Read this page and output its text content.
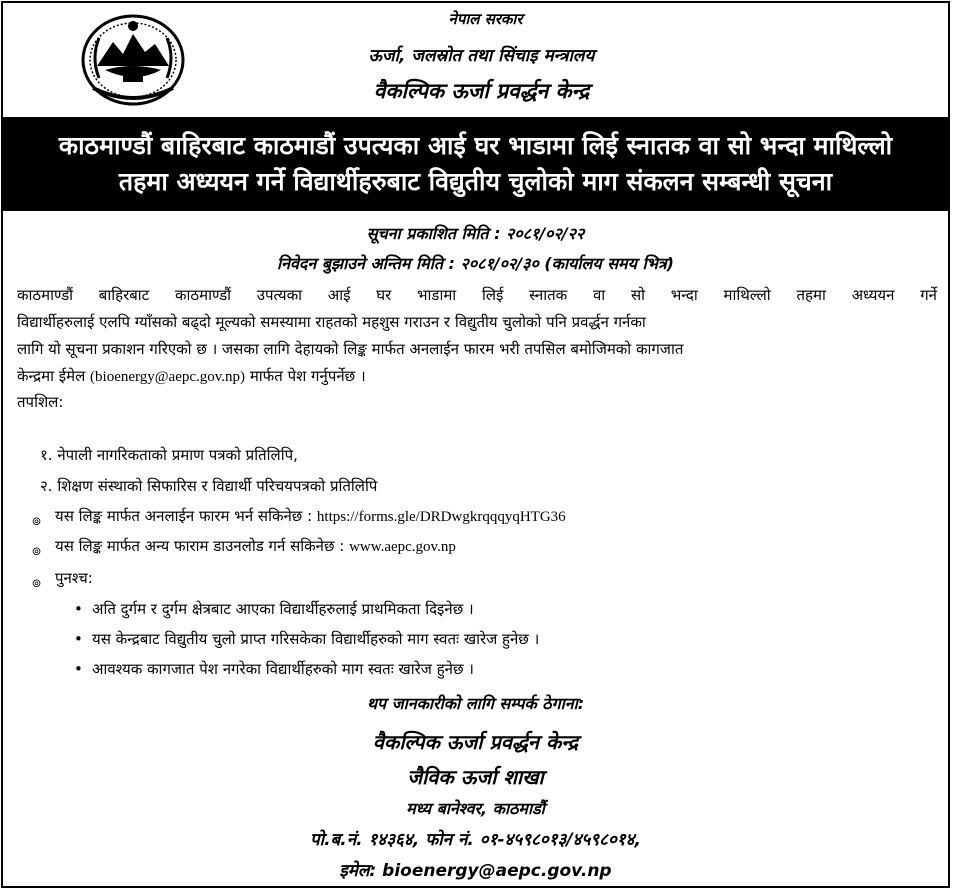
नेपाल सरकार
ऊर्जा, जलस्रोत तथा सिंचाइ मन्त्रालय
वैकल्पिक ऊर्जा प्रवर्द्धन केन्द्र
काठमाण्डौं बाहिरबाट काठमाडौं उपत्यका आई घर भाडामा लिई स्नातक वा सो भन्दा माथिल्लो
तहमा अध्ययन गर्ने विद्यार्थीहरुबाट विद्युतीय चुलोको माग संकलन सम्बन्धी सूचना
सूचना प्रकाशित मिति : २०८१/०२/२२
निवेदन बुझाउने अन्तिम मिति : २०८१/०२/३० (कार्यालय समय भित्र)
काठमाण्डौं बाहिरबाट काठमाण्डौं उपत्यका आई घर भाडामा लिई स्नातक वा सो भन्दा माथिल्लो तहमा अध्ययन गर्ने
विद्यार्थीहरुलाई एलपि ग्याँसको बढ्दो मूल्यको समस्यामा राहतको महशुस गराउन र विद्युतीय चुलोको पनि प्रवर्द्धन गर्नका
लागि यो सूचना प्रकाशन गरिएको छ । जसका लागि देहायको लिङ्क मार्फत अनलाईन फारम भरी तपसिल बमोजिमको कागजात
केन्द्रमा ईमेल (bioenergy@aepc.gov.np) मार्फत पेश गर्नुपर्नेछ ।
तपशिल:
१. नेपाली नागरिकताको प्रमाण पत्रको प्रतिलिपि,
२. शिक्षण संस्थाको सिफारिस र विद्यार्थी परिचयपत्रको प्रतिलिपि
๏ यस लिङ्क मार्फत अनलाईन फारम भर्न सकिनेछ : https://forms.gle/DRDwgkrqqqyqHTG36
๏ यस लिङ्क मार्फत अन्य फाराम डाउनलोड गर्न सकिनेछ : www.aepc.gov.np
๏ पुनश्च:
• अति दुर्गम र दुर्गम क्षेत्रबाट आएका विद्यार्थीहरुलाई प्राथमिकता दिइनेछ ।
• यस केन्द्रबाट विद्युतीय चुलो प्राप्त गरिसकेका विद्यार्थीहरुको माग स्वतः खारेज हुनेछ ।
• आवश्यक कागजात पेश नगरेका विद्यार्थीहरुको माग स्वतः खारेज हुनेछ ।
थप जानकारीको लागि सम्पर्क ठेगाना:
वैकल्पिक ऊर्जा प्रवर्द्धन केन्द्र
जैविक ऊर्जा शाखा
मध्य बानेश्वर, काठमाडौं
पो.ब.नं. १४३६४, फोन नं. ०१-४५९८०१३/४५९८०१४,
इमेल: bioenergy@aepc.gov.np
